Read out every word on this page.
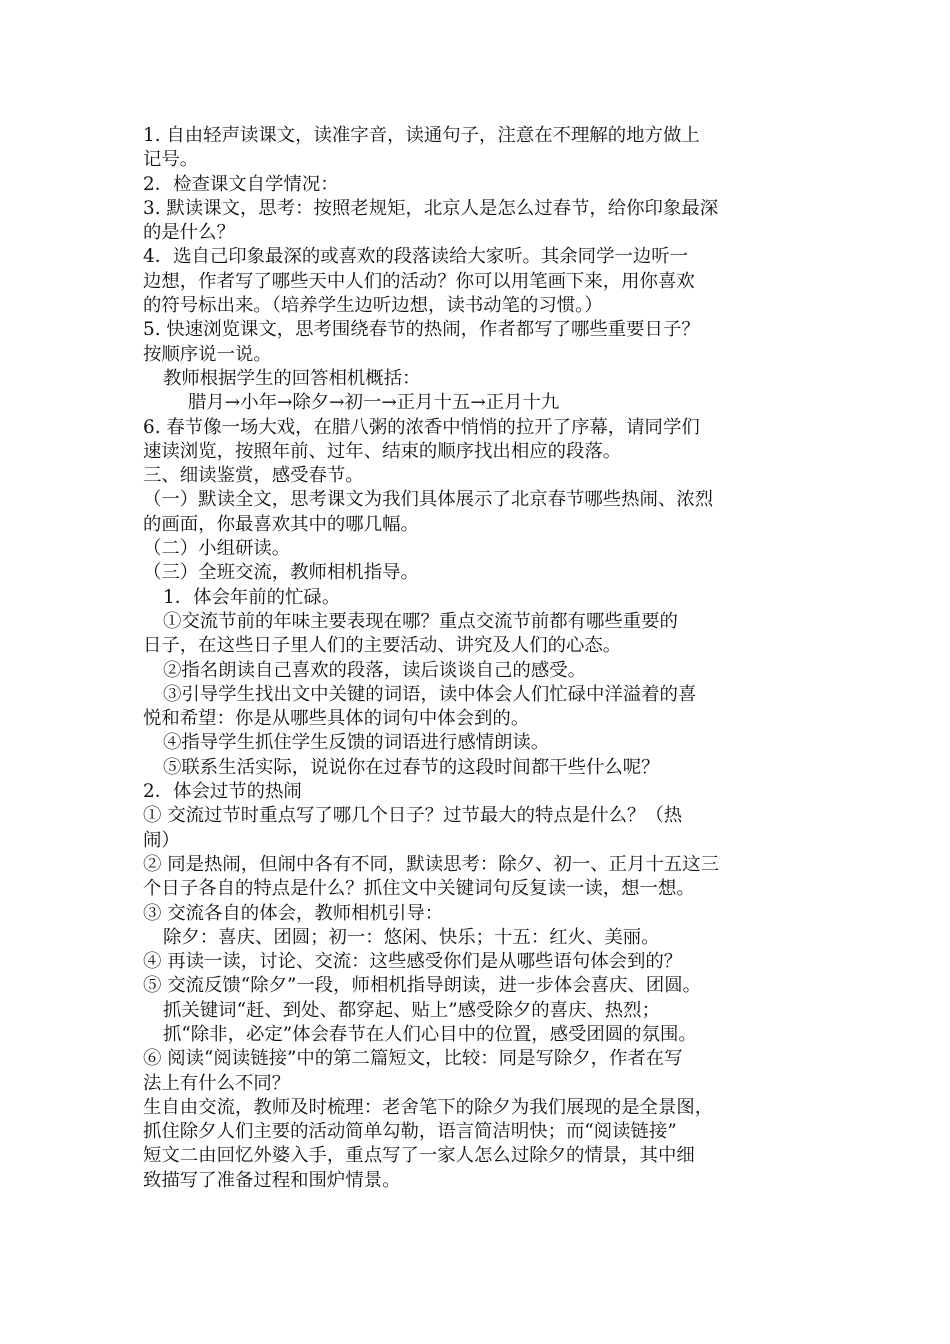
1. 自由轻声读课文，读准字音，读通句子，注意在不理解的地方做上

记号。

2．检查课文自学情况：

3. 默读课文，思考：按照老规矩，北京人是怎么过春节，给你印象最深

的是什么？

4．选自己印象最深的或喜欢的段落读给大家听。其余同学一边听一

边想，作者写了哪些天中人们的活动？你可以用笔画下来，用你喜欢

的符号标出来。（培养学生边听边想，读书动笔的习惯。）

5. 快速浏览课文，思考围绕春节的热闹，作者都写了哪些重要日子？

按顺序说一说。

教师根据学生的回答相机概括：

腊月→小年→除夕→初一→正月十五→正月十九

6. 春节像一场大戏，在腊八粥的浓香中悄悄的拉开了序幕，请同学们

速读浏览，按照年前、过年、结束的顺序找出相应的段落。

三、细读鉴赏，感受春节。

（一）默读全文，思考课文为我们具体展示了北京春节哪些热闹、浓烈

的画面，你最喜欢其中的哪几幅。

（二）小组研读。

（三）全班交流，教师相机指导。

1．体会年前的忙碌。

①交流节前的年味主要表现在哪？重点交流节前都有哪些重要的

日子，在这些日子里人们的主要活动、讲究及人们的心态。

②指名朗读自己喜欢的段落，读后谈谈自己的感受。

③引导学生找出文中关键的词语，读中体会人们忙碌中洋溢着的喜

悦和希望：你是从哪些具体的词句中体会到的。

④指导学生抓住学生反馈的词语进行感情朗读。

⑤联系生活实际，说说你在过春节的这段时间都干些什么呢？

2．体会过节的热闹

① 交流过节时重点写了哪几个日子？过节最大的特点是什么？（热

闹）

② 同是热闹，但闹中各有不同，默读思考：除夕、初一、正月十五这三

个日子各自的特点是什么？抓住文中关键词句反复读一读，想一想。

③ 交流各自的体会，教师相机引导：

除夕：喜庆、团圆；初一：悠闲、快乐；十五：红火、美丽。

④ 再读一读，讨论、交流：这些感受你们是从哪些语句体会到的？

⑤ 交流反馈“除夕”一段，师相机指导朗读，进一步体会喜庆、团圆。

抓关键词“赶、到处、都穿起、贴上”感受除夕的喜庆、热烈；

抓“除非，必定”体会春节在人们心目中的位置，感受团圆的氛围。

⑥ 阅读“阅读链接”中的第二篇短文，比较：同是写除夕，作者在写

法上有什么不同？

生自由交流，教师及时梳理：老舍笔下的除夕为我们展现的是全景图，

抓住除夕人们主要的活动简单勾勒，语言简洁明快；而“阅读链接”

短文二由回忆外婆入手，重点写了一家人怎么过除夕的情景，其中细

致描写了准备过程和围炉情景。
